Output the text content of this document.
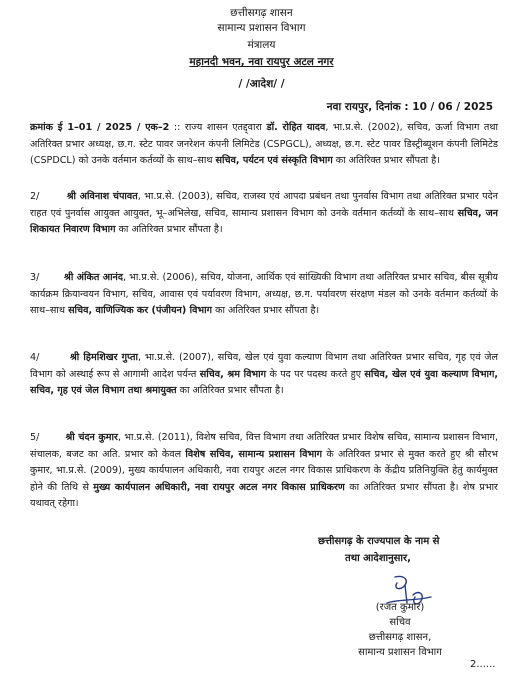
छत्तीसगढ़ शासन
सामान्य प्रशासन विभाग
मंत्रालय
महानदी भवन, नवा रायपुर अटल नगर
/ /आदेश/ /
नवा रायपुर, दिनांक : 10 / 06 / 2025
क्रमांक ई 1–01 / 2025 / एक–2 :: राज्य शासन एतद्द्वारा डॉ. रोहित यादव, भा.प्र.से. (2002), सचिव, ऊर्जा विभाग तथा अतिरिक्त प्रभार अध्यक्ष, छ.ग. स्टेट पावर जनरेशन कंपनी लिमिटेड (CSPGCL), अध्यक्ष, छ.ग. स्टेट पावर डिस्ट्रीब्यूशन कंपनी लिमिटेड (CSPDCL) को उनके वर्तमान कर्तव्यों के साथ–साथ सचिव, पर्यटन एवं संस्कृति विभाग का अतिरिक्त प्रभार सौंपता है।
2/	श्री अविनाश चंपावत, भा.प्र.से. (2003), सचिव, राजस्व एवं आपदा प्रबंधन तथा पुनर्वास विभाग तथा अतिरिक्त प्रभार पदेन राहत एवं पुनर्वास आयुक्त आयुक्त, भू–अभिलेख, सचिव, सामान्य प्रशासन विभाग को उनके वर्तमान कर्तव्यों के साथ–साथ सचिव, जन शिकायत निवारण विभाग का अतिरिक्त प्रभार सौंपता है।
3/	श्री अंकित आनंद, भा.प्र.से. (2006), सचिव, योजना, आर्थिक एवं सांख्यिकी विभाग तथा अतिरिक्त प्रभार सचिव, बीस सूत्रीय कार्यक्रम क्रियान्वयन विभाग, सचिव, आवास एवं पर्यावरण विभाग, अध्यक्ष, छ.ग. पर्यावरण संरक्षण मंडल को उनके वर्तमान कर्तव्यों के साथ–साथ सचिव, वाणिज्यिक कर (पंजीयन) विभाग का अतिरिक्त प्रभार सौंपता है।
4/	श्री हिमशिखर गुप्ता, भा.प्र.से. (2007), सचिव, खेल एवं युवा कल्याण विभाग तथा अतिरिक्त प्रभार सचिव, गृह एवं जेल विभाग को अस्थाई रूप से आगामी आदेश पर्यन्त सचिव, श्रम विभाग के पद पर पदस्थ करते हुए सचिव, खेल एवं युवा कल्याण विभाग, सचिव, गृह एवं जेल विभाग तथा श्रमायुक्त का अतिरिक्त प्रभार सौंपता है।
5/	श्री चंदन कुमार, भा.प्र.से. (2011), विशेष सचिव, वित्त विभाग तथा अतिरिक्त प्रभार विशेष सचिव, सामान्य प्रशासन विभाग, संचालक, बजट का अति. प्रभार को केवल विशेष सचिव, सामान्य प्रशासन विभाग के अतिरिक्त प्रभार से मुक्त करते हुए श्री सौरभ कुमार, भा.प्र.से. (2009), मुख्य कार्यपालन अधिकारी, नवा रायपुर अटल नगर विकास प्राधिकरण के केंद्रीय प्रतिनियुक्ति हेतु कार्यमुक्त होने की तिथि से मुख्य कार्यपालन अधिकारी, नवा रायपुर अटल नगर विकास प्राधिकरण का अतिरिक्त प्रभार सौंपता है। शेष प्रभार यथावत् रहेगा।
छत्तीसगढ़ के राज्यपाल के नाम से
तथा आदेशानुसार,
(रजत कुमार)
सचिव
छत्तीसगढ़ शासन,
सामान्य प्रशासन विभाग
2......
